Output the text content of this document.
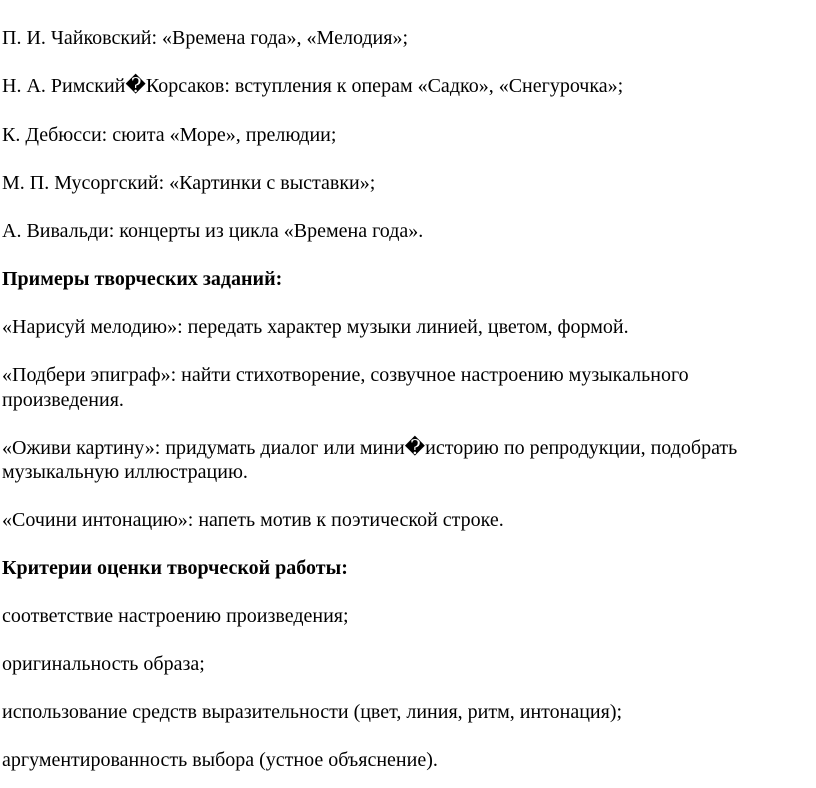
П. И. Чайковский: «Времена года», «Мелодия»;

Н. А. Римский�Корсаков: вступления к операм «Садко», «Снегурочка»;

К. Дебюсси: сюита «Море», прелюдии;

М. П. Мусоргский: «Картинки с выставки»;

А. Вивальди: концерты из цикла «Времена года».

Примеры творческих заданий:

«Нарисуй мелодию»: передать характер музыки линией, цветом, формой.

«Подбери эпиграф»: найти стихотворение, созвучное настроению музыкального

произведения.

«Оживи картину»: придумать диалог или мини�историю по репродукции, подобрать

музыкальную иллюстрацию.

«Сочини интонацию»: напеть мотив к поэтической строке.

Критерии оценки творческой работы:

соответствие настроению произведения;

оригинальность образа;

использование средств выразительности (цвет, линия, ритм, интонация);

аргументированность выбора (устное объяснение).
